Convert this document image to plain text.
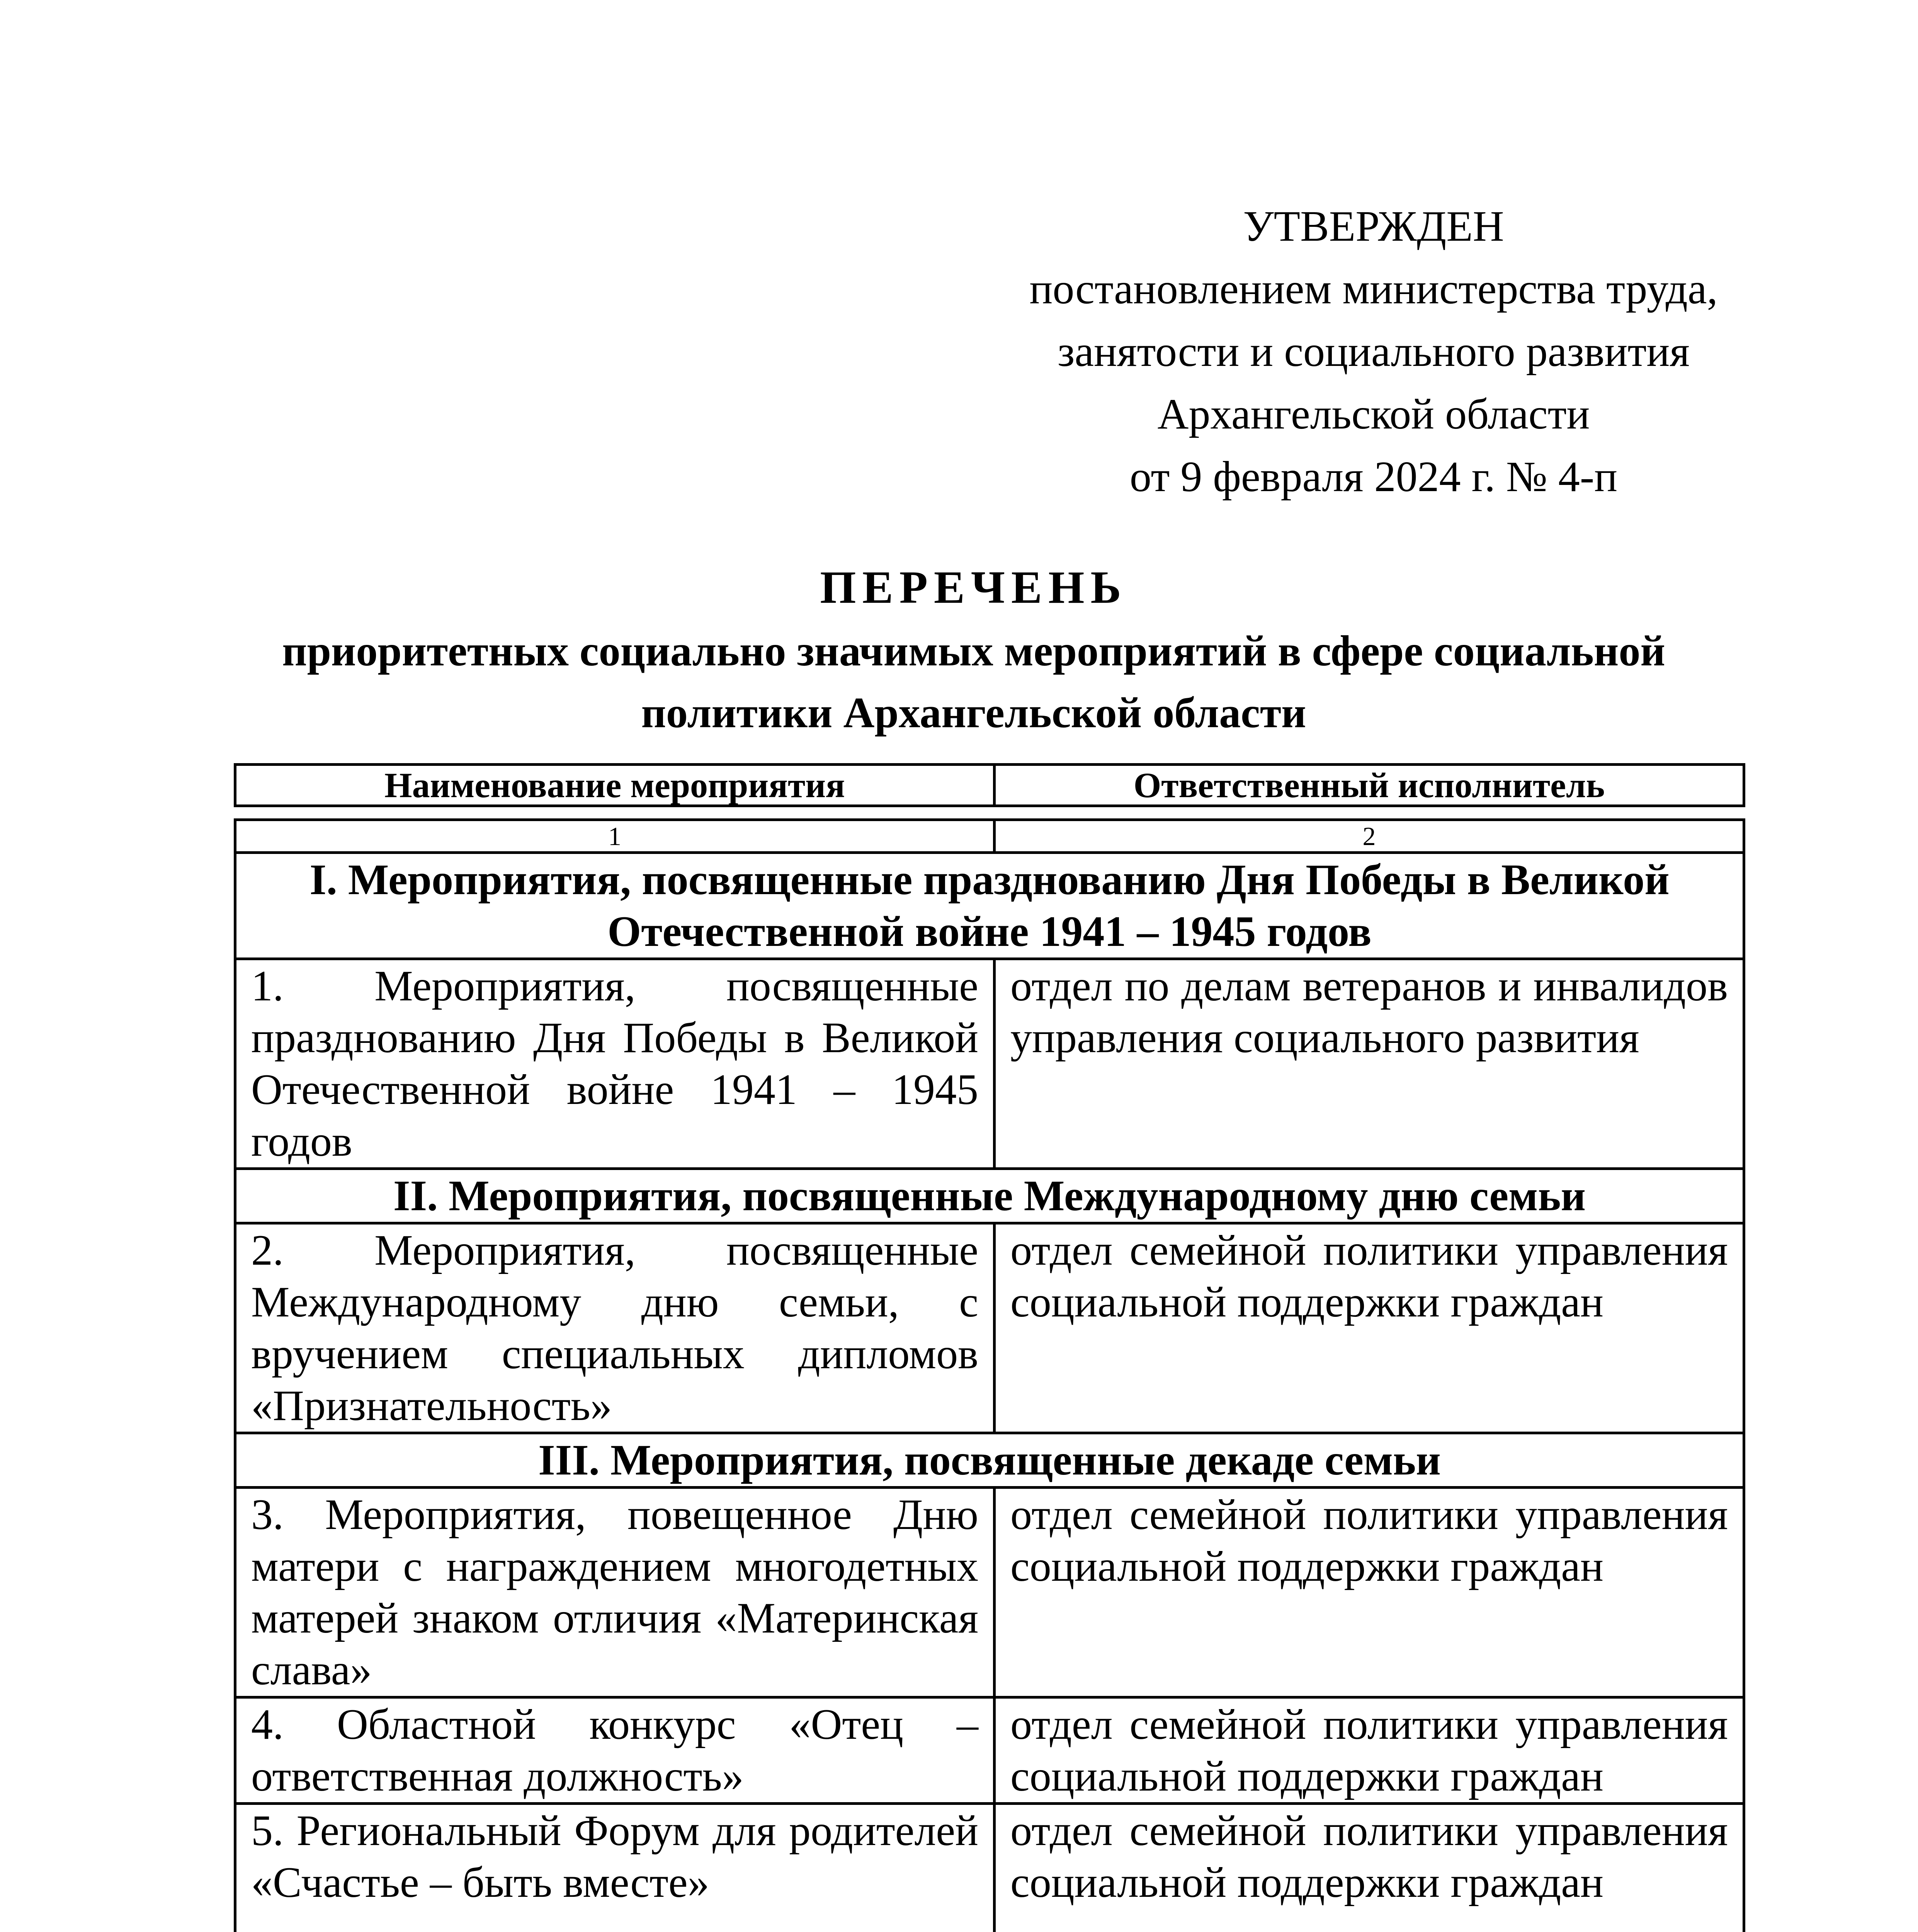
УТВЕРЖДЕН
постановлением министерства труда,
занятости и социального развития
Архангельской области
от 9 февраля 2024 г. № 4-п
ПЕРЕЧЕНЬ
приоритетных социально значимых мероприятий в сфере социальной
политики Архангельской области
Наименование мероприятия	Ответственный исполнитель
1	2
I. Мероприятия, посвященные празднованию Дня Победы в Великой Отечественной войне 1941 – 1945 годов	

1. Мероприятия, посвященные празднованию Дня Победы в Великой Отечественной войне 1941 – 1945 годов	отдел по делам ветеранов и инвалидов управления социального развития

II. Мероприятия, посвященные Международному дню семьи	

2. Мероприятия, посвященные Международному дню семьи, с вручением специальных дипломов «Признательность»	отдел семейной политики управления социальной поддержки граждан

III. Мероприятия, посвященные декаде семьи	

3. Мероприятия, повещенное Дню матери с награждением многодетных матерей знаком отличия «Материнская слава»	отдел семейной политики управления социальной поддержки граждан

4. Областной конкурс «Отец – ответственная должность»	отдел семейной политики управления социальной поддержки граждан

5. Региональный Форум для родителей «Счастье – быть вместе»	отдел семейной политики управления социальной поддержки граждан
